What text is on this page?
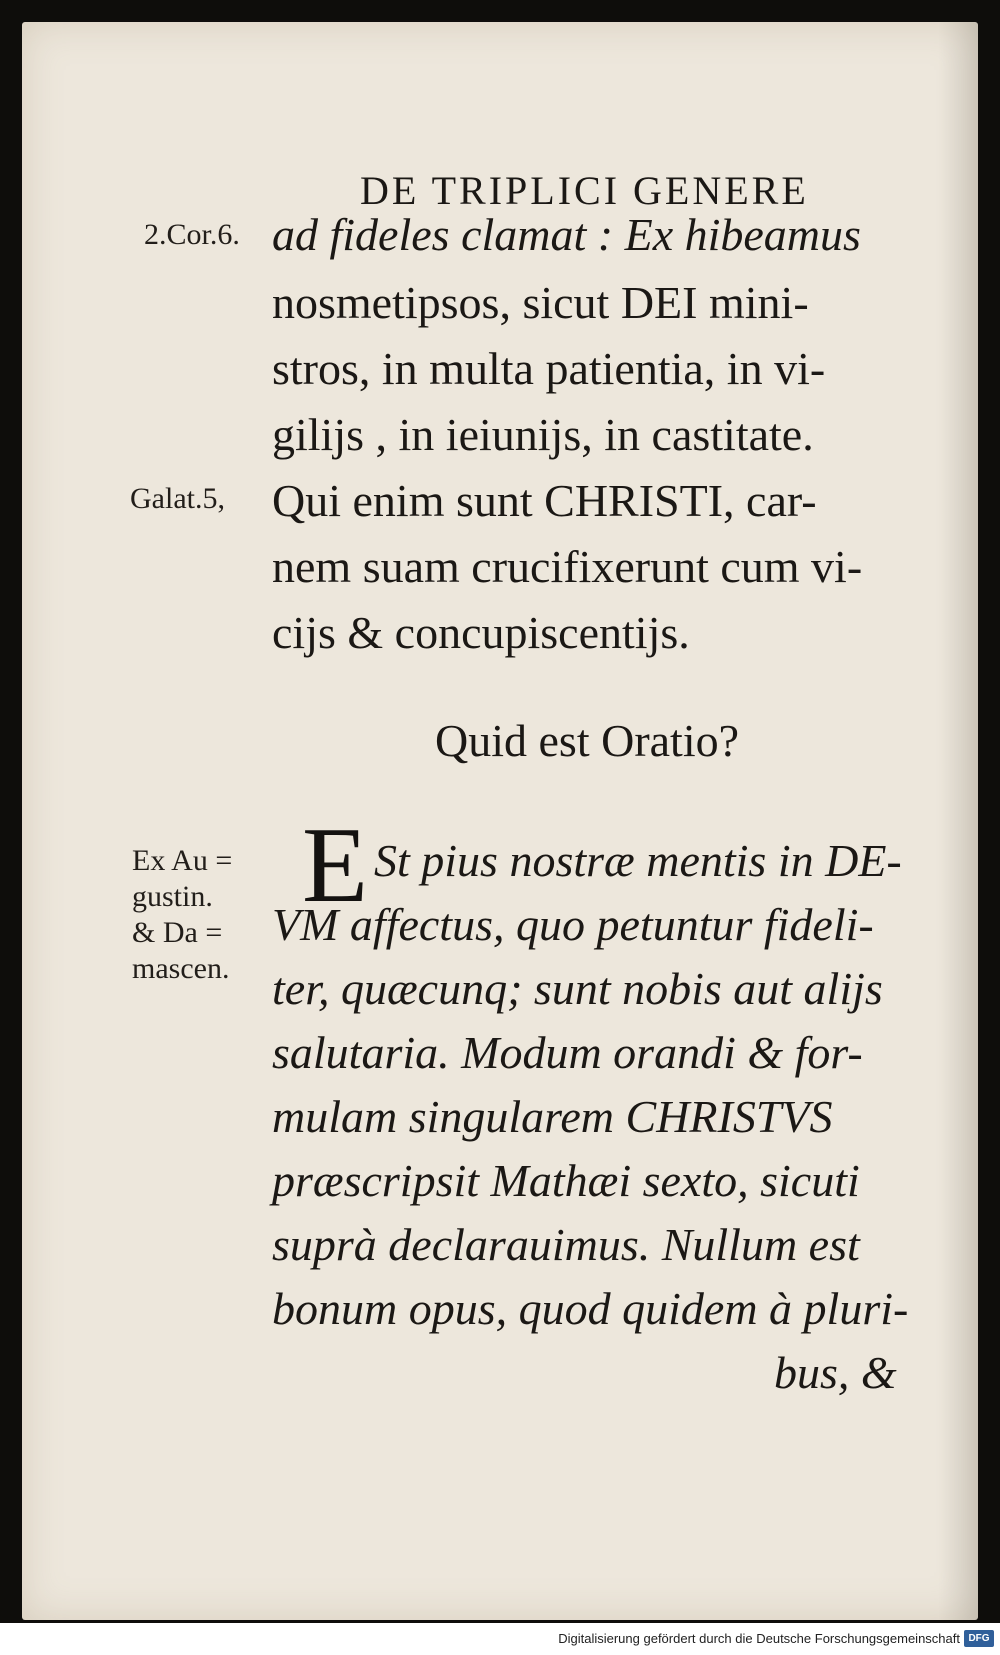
DE TRIPLICI GENERE
2.Cor.6.
Galat.5,
Ex Au =
gustin.
& Da =
mascen.
ad fideles clamat : Ex hibeamus
nosmetipsos, sicut DEI mini-
stros, in multa patientia, in vi-
gilijs , in ieiunijs, in castitate.
Qui enim sunt CHRISTI, car-
nem suam crucifixerunt cum vi-
cijs & concupiscentijs.
Quid est Oratio?
E St pius nostræ mentis in DE-
VM affectus, quo petuntur fideli-
ter, quæcunq; sunt nobis aut alijs
salutaria. Modum orandi & for-
mulam singularem CHRISTVS
præscripsit Mathæi sexto, sicuti
suprà declarauimus. Nullum est
bonum opus, quod quidem à pluri-
bus, &
Digitalisierung gefördert durch die Deutsche Forschungsgemeinschaft DFG
